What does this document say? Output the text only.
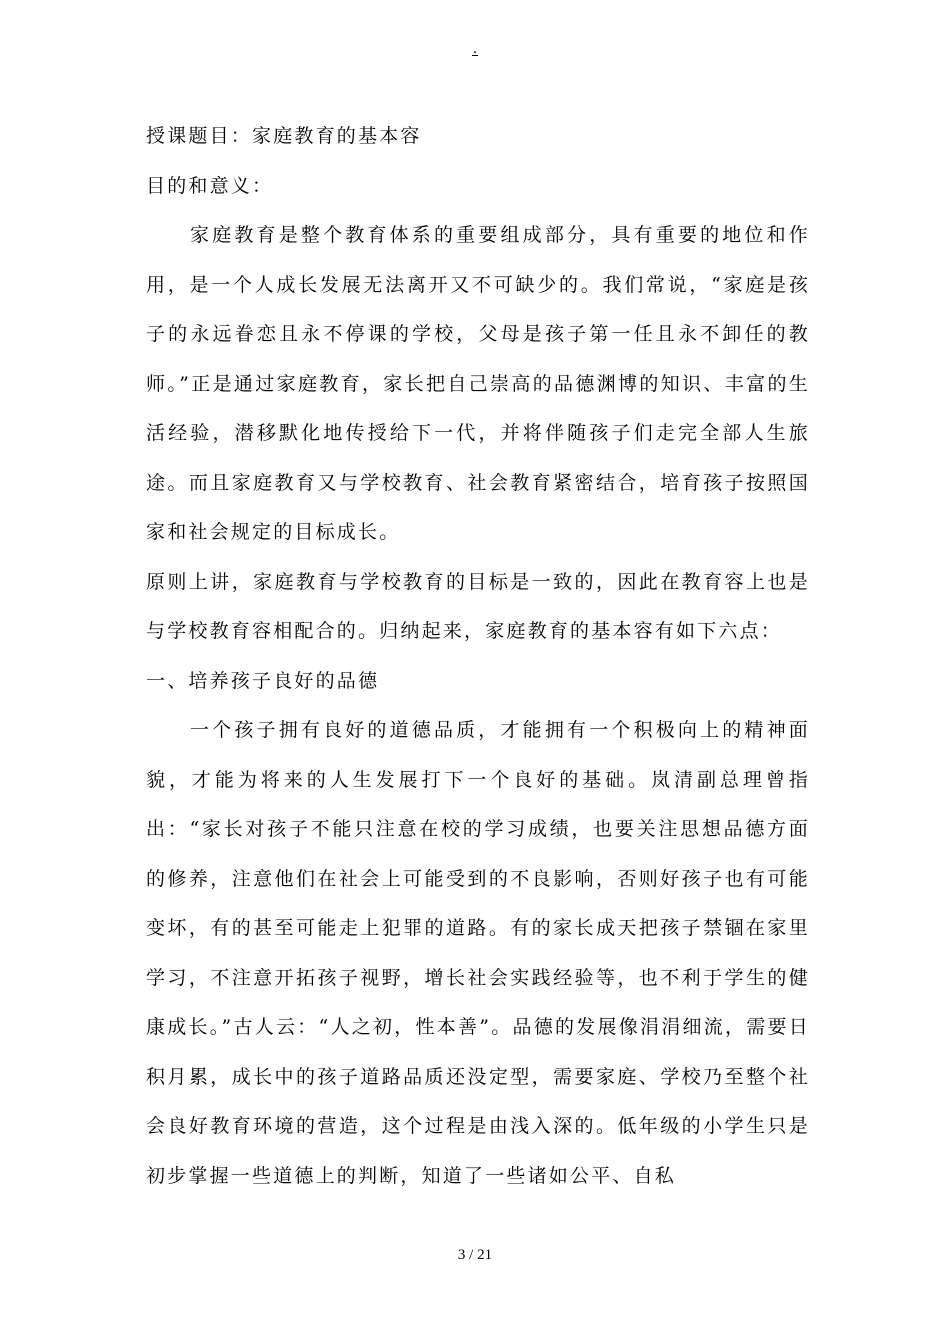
.

授课题目：家庭教育的基本容

目的和意义：

家庭教育是整个教育体系的重要组成部分，具有重要的地位和作用，是一个人成长发展无法离开又不可缺少的。我们常说，“家庭是孩子的永远眷恋且永不停课的学校，父母是孩子第一任且永不卸任的教师。”正是通过家庭教育，家长把自己崇高的品德渊博的知识、丰富的生活经验，潜移默化地传授给下一代，并将伴随孩子们走完全部人生旅途。而且家庭教育又与学校教育、社会教育紧密结合，培育孩子按照国家和社会规定的目标成长。

原则上讲，家庭教育与学校教育的目标是一致的，因此在教育容上也是与学校教育容相配合的。归纳起来，家庭教育的基本容有如下六点：

一、培养孩子良好的品德

一个孩子拥有良好的道德品质，才能拥有一个积极向上的精神面貌，才能为将来的人生发展打下一个良好的基础。岚清副总理曾指出：“家长对孩子不能只注意在校的学习成绩，也要关注思想品德方面的修养，注意他们在社会上可能受到的不良影响，否则好孩子也有可能变坏，有的甚至可能走上犯罪的道路。有的家长成天把孩子禁锢在家里学习，不注意开拓孩子视野，增长社会实践经验等，也不利于学生的健康成长。”古人云：“人之初，性本善”。品德的发展像涓涓细流，需要日积月累，成长中的孩子道路品质还没定型，需要家庭、学校乃至整个社会良好教育环境的营造，这个过程是由浅入深的。低年级的小学生只是初步掌握一些道德上的判断，知道了一些诸如公平、自私

3 / 21
